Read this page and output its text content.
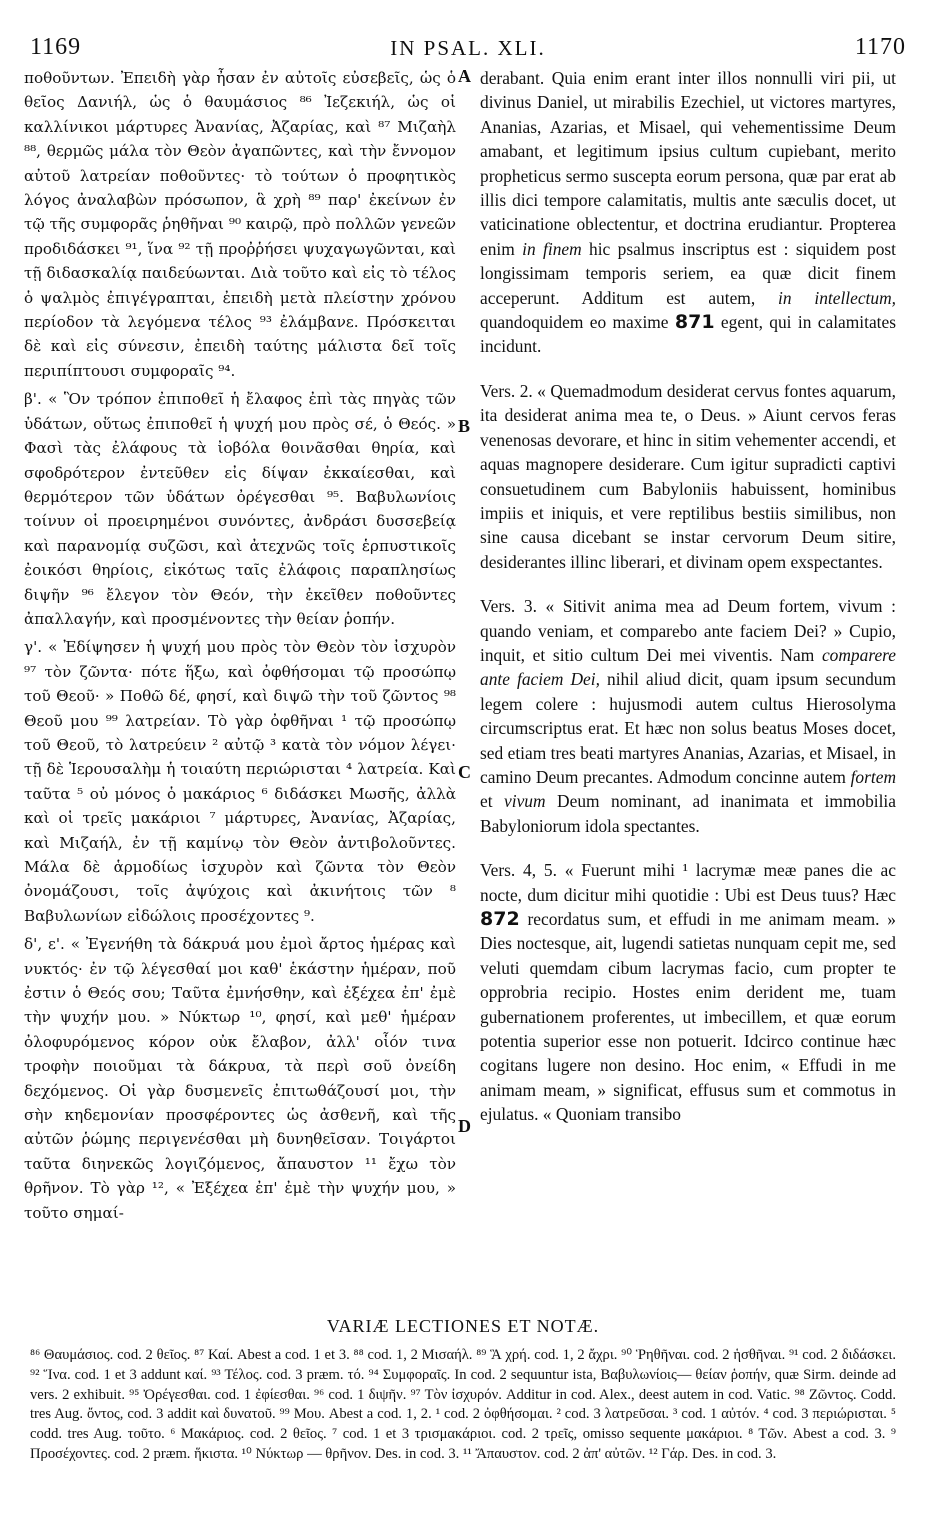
1169	IN PSAL. XLI.	1170

ποθοῦντων. Ἐπειδὴ γὰρ ἦσαν ἐν αὐτοῖς εὐσεβεῖς, ὡς ὁ θεῖος Δανιήλ, ὡς ὁ θαυμάσιος ⁸⁶ Ἰεζεκιήλ, ὡς οἱ καλλίνικοι μάρτυρες Ἀνανίας, Ἀζαρίας, καὶ ⁸⁷ Μιζαὴλ ⁸⁸, θερμῶς μάλα τὸν Θεὸν ἀγαπῶντες, καὶ τὴν ἔννομον αὐτοῦ λατρείαν ποθοῦντες· τὸ τούτων ὁ προφητικὸς λόγος ἀναλαβὼν πρόσωπον, ἃ χρὴ ⁸⁹ παρ' ἐκείνων ἐν τῷ τῆς συμφορᾶς ῥηθῆναι ⁹⁰ καιρῷ, πρὸ πολλῶν γενεῶν προδιδάσκει ⁹¹, ἵνα ⁹² τῇ προῤῥήσει ψυχαγωγῶνται, καὶ τῇ διδασκαλίᾳ παιδεύωνται. Διὰ τοῦτο καὶ εἰς τὸ τέλος ὁ ψαλμὸς ἐπιγέγραπται, ἐπειδὴ μετὰ πλείστην χρόνου περίοδον τὰ λεγόμενα τέλος ⁹³ ἐλάμβανε. Πρόσκειται δὲ καὶ εἰς σύνεσιν, ἐπειδὴ ταύτης μάλιστα δεῖ τοῖς περιπίπτουσι συμφοραῖς ⁹⁴.

β'. « Ὃν τρόπον ἐπιποθεῖ ἡ ἔλαφος ἐπὶ τὰς πηγὰς τῶν ὑδάτων, οὕτως ἐπιποθεῖ ἡ ψυχή μου πρὸς σέ, ὁ Θεός. » Φασὶ τὰς ἐλάφους τὰ ἰοβόλα θοινᾶσθαι θηρία, καὶ σφοδρότερον ἐντεῦθεν εἰς δίψαν ἐκκαίεσθαι, καὶ θερμότερον τῶν ὑδάτων ὀρέγεσθαι ⁹⁵. Βαβυλωνίοις τοίνυν οἱ προειρημένοι συνόντες, ἀνδράσι δυσσεβείᾳ καὶ παρανομίᾳ συζῶσι, καὶ ἀτεχνῶς τοῖς ἑρπυστικοῖς ἐοικόσι θηρίοις, εἰκότως ταῖς ἐλάφοις παραπλησίως διψῆν ⁹⁶ ἔλεγον τὸν Θεόν, τὴν ἐκεῖθεν ποθοῦντες ἀπαλλαγήν, καὶ προσμένοντες τὴν θείαν ῥοπήν.

γ'. « Ἐδίψησεν ἡ ψυχή μου πρὸς τὸν Θεὸν τὸν ἰσχυρὸν ⁹⁷ τὸν ζῶντα· πότε ἥξω, καὶ ὀφθήσομαι τῷ προσώπῳ τοῦ Θεοῦ· » Ποθῶ δέ, φησί, καὶ διψῶ τὴν τοῦ ζῶντος ⁹⁸ Θεοῦ μου ⁹⁹ λατρείαν. Τὸ γὰρ ὀφθῆναι ¹ τῷ προσώπῳ τοῦ Θεοῦ, τὸ λατρεύειν ² αὐτῷ ³ κατὰ τὸν νόμον λέγει· τῇ δὲ Ἱερουσαλὴμ ἡ τοιαύτη περιώρισται ⁴ λατρεία. Καὶ ταῦτα ⁵ οὐ μόνος ὁ μακάριος ⁶ διδάσκει Μωσῆς, ἀλλὰ καὶ οἱ τρεῖς μακάριοι ⁷ μάρτυρες, Ἀνανίας, Ἀζαρίας, καὶ Μιζαήλ, ἐν τῇ καμίνῳ τὸν Θεὸν ἀντιβολοῦντες. Μάλα δὲ ἁρμοδίως ἰσχυρὸν καὶ ζῶντα τὸν Θεὸν ὀνομάζουσι, τοῖς ἀψύχοις καὶ ἀκινήτοις τῶν ⁸ Βαβυλωνίων εἰδώλοις προσέχοντες ⁹.

δ', ε'. « Ἐγενήθη τὰ δάκρυά μου ἐμοὶ ἄρτος ἡμέρας καὶ νυκτός· ἐν τῷ λέγεσθαί μοι καθ' ἑκάστην ἡμέραν, ποῦ ἐστιν ὁ Θεός σου; Ταῦτα ἐμνήσθην, καὶ ἐξέχεα ἐπ' ἐμὲ τὴν ψυχήν μου. » Νύκτωρ ¹⁰, φησί, καὶ μεθ' ἡμέραν ὀλοφυρόμενος κόρον οὐκ ἔλαβον, ἀλλ' οἷόν τινα τροφὴν ποιοῦμαι τὰ δάκρυα, τὰ περὶ σοῦ ὀνείδη δεχόμενος. Οἱ γὰρ δυσμενεῖς ἐπιτωθάζουσί μοι, τὴν σὴν κηδεμονίαν προσφέροντες ὡς ἀσθενῆ, καὶ τῆς αὐτῶν ῥώμης περιγενέσθαι μὴ δυνηθεῖσαν. Τοιγάρτοι ταῦτα διηνεκῶς λογιζόμενος, ἄπαυστον ¹¹ ἔχω τὸν θρῆνον. Τὸ γὰρ ¹², « Ἐξέχεα ἐπ' ἐμὲ τὴν ψυχήν μου, » τοῦτο σημαί-

A
B
C
D

derabant. Quia enim erant inter illos nonnulli viri pii, ut divinus Daniel, ut mirabilis Ezechiel, ut victores martyres, Ananias, Azarias, et Misael, qui vehementissime Deum amabant, et legitimum ipsius cultum cupiebant, merito propheticus sermo suscepta eorum persona, quæ par erat ab illis dici tempore calamitatis, multis ante sæculis docet, ut vaticinatione oblectentur, et doctrina erudiantur. Propterea enim in finem hic psalmus inscriptus est : siquidem post longissimam temporis seriem, ea quæ dicit finem acceperunt. Additum est autem, in intellectum, quandoquidem eo maxime 871 egent, qui in calamitates incidunt.

Vers. 2. « Quemadmodum desiderat cervus fontes aquarum, ita desiderat anima mea te, o Deus. » Aiunt cervos feras venenosas devorare, et hinc in sitim vehementer accendi, et aquas magnopere desiderare. Cum igitur supradicti captivi consuetudinem cum Babyloniis habuissent, hominibus impiis et iniquis, et vere reptilibus bestiis similibus, non sine causa dicebant se instar cervorum Deum sitire, desiderantes illinc liberari, et divinam opem exspectantes.

Vers. 3. « Sitivit anima mea ad Deum fortem, vivum : quando veniam, et comparebo ante faciem Dei? » Cupio, inquit, et sitio cultum Dei mei viventis. Nam comparere ante faciem Dei, nihil aliud dicit, quam ipsum secundum legem colere : hujusmodi autem cultus Hierosolyma circumscriptus erat. Et hæc non solus beatus Moses docet, sed etiam tres beati martyres Ananias, Azarias, et Misael, in camino Deum precantes. Admodum concinne autem fortem et vivum Deum nominant, ad inanimata et immobilia Babyloniorum idola spectantes.

Vers. 4, 5. « Fuerunt mihi ¹ lacrymæ meæ panes die ac nocte, dum dicitur mihi quotidie : Ubi est Deus tuus? Hæc 872 recordatus sum, et effudi in me animam meam. » Dies noctesque, ait, lugendi satietas nunquam cepit me, sed veluti quemdam cibum lacrymas facio, cum propter te opprobria recipio. Hostes enim derident me, tuam gubernationem proferentes, ut imbecillem, et quæ eorum potentia superior esse non potuerit. Idcirco continue hæc cogitans lugere non desino. Hoc enim, « Effudi in me animam meam, » significat, effusus sum et commotus in ejulatus. « Quoniam transibo

VARIÆ LECTIONES ET NOTÆ.
⁸⁶ Θαυμάσιος. cod. 2 θεῖος. ⁸⁷ Καί. Abest a cod. 1 et 3. ⁸⁸ cod. 1, 2 Μισαήλ. ⁸⁹ Ἃ χρή. cod. 1, 2 ἄχρι. ⁹⁰ Ῥηθῆναι. cod. 2 ἡσθῆναι. ⁹¹ cod. 2 διδάσκει. ⁹² Ἵνα. cod. 1 et 3 addunt καί. ⁹³ Τέλος. cod. 3 præm. τό. ⁹⁴ Συμφοραῖς. In cod. 2 sequuntur ista, Βαβυλωνίοις— θείαν ῥοπήν, quæ Sirm. deinde ad vers. 2 exhibuit. ⁹⁵ Ὀρέγεσθαι. cod. 1 ἐφίεσθαι. ⁹⁶ cod. 1 διψῆν. ⁹⁷ Τὸν ἰσχυρόν. Additur in cod. Alex., deest autem in cod. Vatic. ⁹⁸ Ζῶντος. Codd. tres Aug. ὄντος, cod. 3 addit καὶ δυνατοῦ. ⁹⁹ Μου. Abest a cod. 1, 2. ¹ cod. 2 ὀφθήσομαι. ² cod. 3 λατρεῦσαι. ³ cod. 1 αὐτόν. ⁴ cod. 3 περιώρισται. ⁵ codd. tres Aug. τοῦτο. ⁶ Μακάριος. cod. 2 θεῖος. ⁷ cod. 1 et 3 τρισμακάριοι. cod. 2 τρεῖς, omisso sequente μακάριοι. ⁸ Τῶν. Abest a cod. 3. ⁹ Προσέχοντες. cod. 2 præm. ἥκιστα. ¹⁰ Νύκτωρ — θρῆνον. Des. in cod. 3. ¹¹ Ἄπαυστον. cod. 2 ἀπ' αὐτῶν. ¹² Γάρ. Des. in cod. 3.
